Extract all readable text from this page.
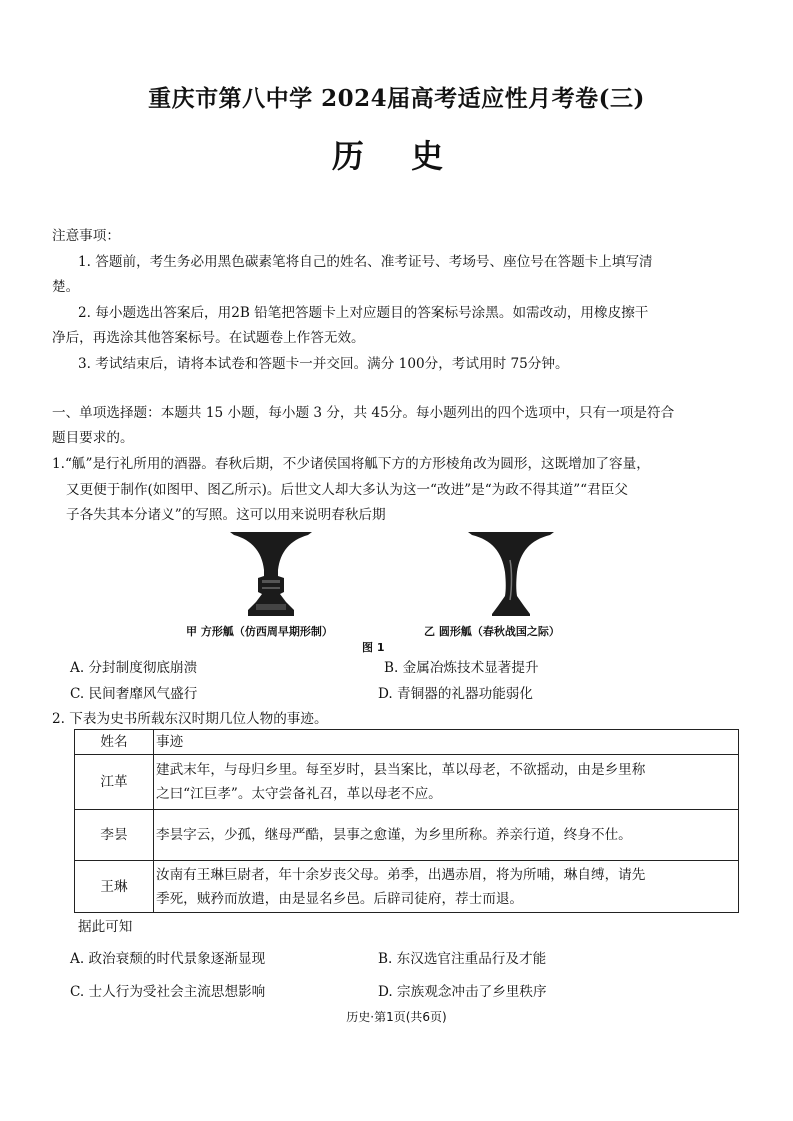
重庆市第八中学 2024届高考适应性月考卷(三)
历 史
注意事项：
1. 答题前，考生务必用黑色碳素笔将自己的姓名、准考证号、考场号、座位号在答题卡上填写清
楚。
2. 每小题选出答案后，用2B 铅笔把答题卡上对应题目的答案标号涂黑。如需改动，用橡皮擦干
净后，再选涂其他答案标号。在试题卷上作答无效。
3. 考试结束后，请将本试卷和答题卡一并交回。满分 100分，考试用时 75分钟。
一、单项选择题：本题共 15 小题，每小题 3 分，共 45分。每小题列出的四个选项中，只有一项是符合
题目要求的。
1.“觚”是行礼所用的酒器。春秋后期，不少诸侯国将觚下方的方形棱角改为圆形，这既增加了容量，
又更便于制作(如图甲、图乙所示)。后世文人却大多认为这一“改进”是“为政不得其道”“君臣父
子各失其本分诸义”的写照。这可以用来说明春秋后期
甲 方形觚（仿西周早期形制）	乙 圆形觚（春秋战国之际）
图 1
A. 分封制度彻底崩溃	B. 金属冶炼技术显著提升
C. 民间奢靡风气盛行	D. 青铜器的礼器功能弱化
2. 下表为史书所载东汉时期几位人物的事迹。
姓名	事迹
江革	建武末年，与母归乡里。每至岁时，县当案比，革以母老，不欲摇动，由是乡里称
之曰“江巨孝”。太守尝备礼召，革以母老不应。

李昙	李昙字云，少孤，继母严酷，昙事之愈谨，为乡里所称。养亲行道，终身不仕。

王琳	汝南有王琳巨尉者，年十余岁丧父母。弟季，出遇赤眉，将为所哺，琳自缚，请先
季死，贼矜而放遣，由是显名乡邑。后辟司徒府，荐士而退。
据此可知
A. 政治衰颓的时代景象逐渐显现	B. 东汉选官注重品行及才能
C. 士人行为受社会主流思想影响	D. 宗族观念冲击了乡里秩序
历史·第1页(共6页)
